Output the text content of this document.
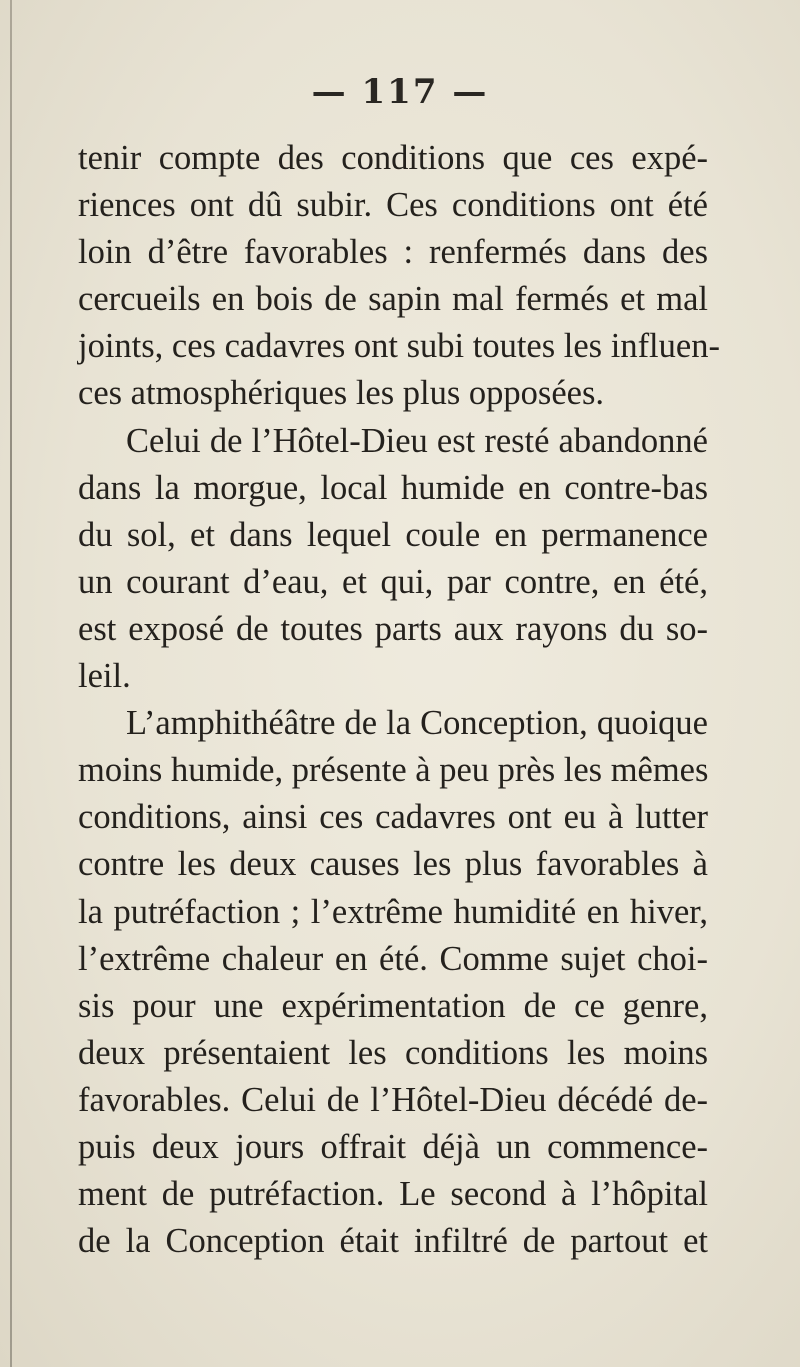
— 117 —
tenir compte des conditions que ces expé-
riences ont dû subir. Ces conditions ont été
loin d’être favorables : renfermés dans des
cercueils en bois de sapin mal fermés et mal
joints, ces cadavres ont subi toutes les influen-
ces atmosphériques les plus opposées.
Celui de l’Hôtel-Dieu est resté abandonné
dans la morgue, local humide en contre-bas
du sol, et dans lequel coule en permanence
un courant d’eau, et qui, par contre, en été,
est exposé de toutes parts aux rayons du so-
leil.
L’amphithéâtre de la Conception, quoique
moins humide, présente à peu près les mêmes
conditions, ainsi ces cadavres ont eu à lutter
contre les deux causes les plus favorables à
la putréfaction ; l’extrême humidité en hiver,
l’extrême chaleur en été. Comme sujet choi-
sis pour une expérimentation de ce genre,
deux présentaient les conditions les moins
favorables. Celui de l’Hôtel-Dieu décédé de-
puis deux jours offrait déjà un commence-
ment de putréfaction. Le second à l’hôpital
de la Conception était infiltré de partout et
